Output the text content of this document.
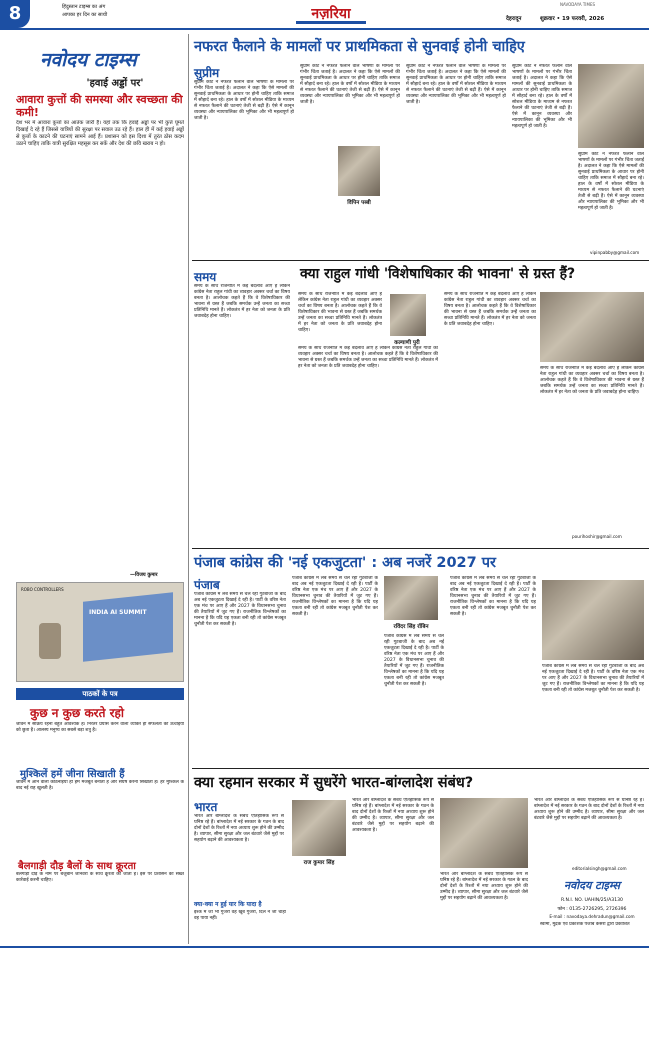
8	हिंदुस्तान टाइम्स का अंग
आपका हर दिन का साथी	नज़रिया
NAVODAYA TIMES
देहरादून	शुक्रवार • 19 फरवरी, 2026
नवोदय टाइम्स
'हवाई अड्डों पर'
आवारा कुत्तों की समस्या और स्वच्छता की कमी!
देश भर में आवारा कुत्तों का आतंक जारी है। यहां तक कि हवाई अड्डों पर भी कुत्ते घूमते दिखाई दे रहे हैं जिससे यात्रियों की सुरक्षा पर सवाल उठ रहे हैं। हाल ही में कई हवाई अड्डों से कुत्तों के काटने की घटनाएं सामने आई हैं। प्रशासन को इस दिशा में तुरंत ठोस कदम उठाने चाहिए ताकि यात्री सुरक्षित महसूस कर सकें और देश की छवि खराब न हो।
—विजय कुमार
INDIA AI SUMMIT
ROBO CONTROLLERS
पाठकों के पत्र
कुछ न कुछ करते रहो
जीवन में सक्रिय रहना बहुत आवश्यक है। निरंतर प्रयास करने वाला व्यक्ति ही सफलता की ऊंचाइयों को छूता है। आलस्य मनुष्य का सबसे बड़ा शत्रु है।
मुश्किलें हमें जीना सिखाती हैं
जीवन में आने वाली कठिनाइयां ही हमें मजबूत बनाती हैं और संघर्ष करना सिखाती हैं। हर मुश्किल के बाद नई राह खुलती है।
बैलगाड़ी दौड़ बैलों के साथ क्रूरता
बैलगाड़ी दौड़ के नाम पर बेजुबान जानवरों के साथ क्रूरता की जाती है। इस पर प्रशासन को सख्त कार्रवाई करनी चाहिए।
नफरत फैलाने के मामलों पर प्राथमिकता से सुनवाई होनी चाहिए
सुप्रीम
सुप्रीम कोर्ट ने नफरत फैलाने वाले भाषणों के मामलों पर गंभीर चिंता जताई है। अदालत ने कहा कि ऐसे मामलों की सुनवाई प्राथमिकता के आधार पर होनी चाहिए ताकि समाज में सौहार्द बना रहे। हाल के वर्षों में सोशल मीडिया के माध्यम से नफरत फैलाने की घटनाएं तेजी से बढ़ी हैं। ऐसे में कानून व्यवस्था और न्यायपालिका की भूमिका और भी महत्वपूर्ण हो जाती है।
सुप्रीम कोर्ट ने नफरत फैलाने वाले भाषणों के मामलों पर गंभीर चिंता जताई है। अदालत ने कहा कि ऐसे मामलों की सुनवाई प्राथमिकता के आधार पर होनी चाहिए ताकि समाज में सौहार्द बना रहे। हाल के वर्षों में सोशल मीडिया के माध्यम से नफरत फैलाने की घटनाएं तेजी से बढ़ी हैं। ऐसे में कानून व्यवस्था और न्यायपालिका की भूमिका और भी महत्वपूर्ण हो जाती है।
विपिन पब्बी
सुप्रीम कोर्ट ने नफरत फैलाने वाले भाषणों के मामलों पर गंभीर चिंता जताई है। अदालत ने कहा कि ऐसे मामलों की सुनवाई प्राथमिकता के आधार पर होनी चाहिए ताकि समाज में सौहार्द बना रहे। हाल के वर्षों में सोशल मीडिया के माध्यम से नफरत फैलाने की घटनाएं तेजी से बढ़ी हैं। ऐसे में कानून व्यवस्था और न्यायपालिका की भूमिका और भी महत्वपूर्ण हो जाती है।
सुप्रीम कोर्ट ने नफरत फैलाने वाले भाषणों के मामलों पर गंभीर चिंता जताई है। अदालत ने कहा कि ऐसे मामलों की सुनवाई प्राथमिकता के आधार पर होनी चाहिए ताकि समाज में सौहार्द बना रहे। हाल के वर्षों में सोशल मीडिया के माध्यम से नफरत फैलाने की घटनाएं तेजी से बढ़ी हैं। ऐसे में कानून व्यवस्था और न्यायपालिका की भूमिका और भी महत्वपूर्ण हो जाती है।
सुप्रीम कोर्ट ने नफरत फैलाने वाले भाषणों के मामलों पर गंभीर चिंता जताई है। अदालत ने कहा कि ऐसे मामलों की सुनवाई प्राथमिकता के आधार पर होनी चाहिए ताकि समाज में सौहार्द बना रहे। हाल के वर्षों में सोशल मीडिया के माध्यम से नफरत फैलाने की घटनाएं तेजी से बढ़ी हैं। ऐसे में कानून व्यवस्था और न्यायपालिका की भूमिका और भी महत्वपूर्ण हो जाती है।
vipinpabby@gmail.com
समय
समय के साथ राजनीति में कई बदलाव आए हैं लेकिन कांग्रेस नेता राहुल गांधी का व्यवहार अक्सर चर्चा का विषय बनता है। आलोचक कहते हैं कि वे विशेषाधिकार की भावना से ग्रस्त हैं जबकि समर्थक उन्हें जनता का सच्चा प्रतिनिधि मानते हैं। लोकतंत्र में हर नेता को जनता के प्रति जवाबदेह होना चाहिए।
क्या राहुल गांधी 'विशेषाधिकार की भावना' से ग्रस्त हैं?
समय के साथ राजनीति में कई बदलाव आए हैं लेकिन कांग्रेस नेता राहुल गांधी का व्यवहार अक्सर चर्चा का विषय बनता है। आलोचक कहते हैं कि वे विशेषाधिकार की भावना से ग्रस्त हैं जबकि समर्थक उन्हें जनता का सच्चा प्रतिनिधि मानते हैं। लोकतंत्र में हर नेता को जनता के प्रति जवाबदेह होना चाहिए।
कल्याणी पुरी
समय के साथ राजनीति में कई बदलाव आए हैं लेकिन कांग्रेस नेता राहुल गांधी का व्यवहार अक्सर चर्चा का विषय बनता है। आलोचक कहते हैं कि वे विशेषाधिकार की भावना से ग्रस्त हैं जबकि समर्थक उन्हें जनता का सच्चा प्रतिनिधि मानते हैं। लोकतंत्र में हर नेता को जनता के प्रति जवाबदेह होना चाहिए।
समय के साथ राजनीति में कई बदलाव आए हैं लेकिन कांग्रेस नेता राहुल गांधी का व्यवहार अक्सर चर्चा का विषय बनता है। आलोचक कहते हैं कि वे विशेषाधिकार की भावना से ग्रस्त हैं जबकि समर्थक उन्हें जनता का सच्चा प्रतिनिधि मानते हैं। लोकतंत्र में हर नेता को जनता के प्रति जवाबदेह होना चाहिए।
समय के साथ राजनीति में कई बदलाव आए हैं लेकिन कांग्रेस नेता राहुल गांधी का व्यवहार अक्सर चर्चा का विषय बनता है। आलोचक कहते हैं कि वे विशेषाधिकार की भावना से ग्रस्त हैं जबकि समर्थक उन्हें जनता का सच्चा प्रतिनिधि मानते हैं। लोकतंत्र में हर नेता को जनता के प्रति जवाबदेह होना चाहिए।
pourihoshir@gmail.com
पंजाब कांग्रेस की 'नई एकजुटता' : अब नजरें 2027 पर
पंजाब
पंजाब कांग्रेस में लंबे समय से चल रही गुटबाजी के बाद अब नई एकजुटता दिखाई दे रही है। पार्टी के वरिष्ठ नेता एक मंच पर आए हैं और 2027 के विधानसभा चुनाव की तैयारियों में जुट गए हैं। राजनीतिक विश्लेषकों का मानना है कि यदि यह एकता बनी रही तो कांग्रेस मजबूत चुनौती पेश कर सकती है।
पंजाब कांग्रेस में लंबे समय से चल रही गुटबाजी के बाद अब नई एकजुटता दिखाई दे रही है। पार्टी के वरिष्ठ नेता एक मंच पर आए हैं और 2027 के विधानसभा चुनाव की तैयारियों में जुट गए हैं। राजनीतिक विश्लेषकों का मानना है कि यदि यह एकता बनी रही तो कांग्रेस मजबूत चुनौती पेश कर सकती है।
रविंदर सिंह रॉबिन
पंजाब कांग्रेस में लंबे समय से चल रही गुटबाजी के बाद अब नई एकजुटता दिखाई दे रही है। पार्टी के वरिष्ठ नेता एक मंच पर आए हैं और 2027 के विधानसभा चुनाव की तैयारियों में जुट गए हैं। राजनीतिक विश्लेषकों का मानना है कि यदि यह एकता बनी रही तो कांग्रेस मजबूत चुनौती पेश कर सकती है।
पंजाब कांग्रेस में लंबे समय से चल रही गुटबाजी के बाद अब नई एकजुटता दिखाई दे रही है। पार्टी के वरिष्ठ नेता एक मंच पर आए हैं और 2027 के विधानसभा चुनाव की तैयारियों में जुट गए हैं। राजनीतिक विश्लेषकों का मानना है कि यदि यह एकता बनी रही तो कांग्रेस मजबूत चुनौती पेश कर सकती है।
पंजाब कांग्रेस में लंबे समय से चल रही गुटबाजी के बाद अब नई एकजुटता दिखाई दे रही है। पार्टी के वरिष्ठ नेता एक मंच पर आए हैं और 2027 के विधानसभा चुनाव की तैयारियों में जुट गए हैं। राजनीतिक विश्लेषकों का मानना है कि यदि यह एकता बनी रही तो कांग्रेस मजबूत चुनौती पेश कर सकती है।
क्या रहमान सरकार में सुधरेंगे भारत-बांग्लादेश संबंध?
भारत
भारत और बांग्लादेश के संबंध ऐतिहासिक रूप से घनिष्ठ रहे हैं। बांग्लादेश में नई सरकार के गठन के बाद दोनों देशों के रिश्तों में नया अध्याय शुरू होने की उम्मीद है। व्यापार, सीमा सुरक्षा और जल बंटवारे जैसे मुद्दों पर सहयोग बढ़ाने की आवश्यकता है।
क्या-क्या न हुई यार कि यादा है
इश्क में जो भी गुजरी वह खूब गुजरी, दिल ने जो चाहा वह पाया नहीं।
राज कुमार सिंह
भारत और बांग्लादेश के संबंध ऐतिहासिक रूप से घनिष्ठ रहे हैं। बांग्लादेश में नई सरकार के गठन के बाद दोनों देशों के रिश्तों में नया अध्याय शुरू होने की उम्मीद है। व्यापार, सीमा सुरक्षा और जल बंटवारे जैसे मुद्दों पर सहयोग बढ़ाने की आवश्यकता है।
भारत और बांग्लादेश के संबंध ऐतिहासिक रूप से घनिष्ठ रहे हैं। बांग्लादेश में नई सरकार के गठन के बाद दोनों देशों के रिश्तों में नया अध्याय शुरू होने की उम्मीद है। व्यापार, सीमा सुरक्षा और जल बंटवारे जैसे मुद्दों पर सहयोग बढ़ाने की आवश्यकता है।
भारत और बांग्लादेश के संबंध ऐतिहासिक रूप से घनिष्ठ रहे हैं। बांग्लादेश में नई सरकार के गठन के बाद दोनों देशों के रिश्तों में नया अध्याय शुरू होने की उम्मीद है। व्यापार, सीमा सुरक्षा और जल बंटवारे जैसे मुद्दों पर सहयोग बढ़ाने की आवश्यकता है।
editorialsingh@gmail.com
नवोदय टाइम्स
R.N.I. NO. UAHIN/25/A3130
फोन : 0135-2726295, 2726396
E-mail : navodaya.dehradun@gmail.com
स्वामी, मुद्रक एवं प्रकाशक पंजाब केसरी द्वारा प्रकाशित
